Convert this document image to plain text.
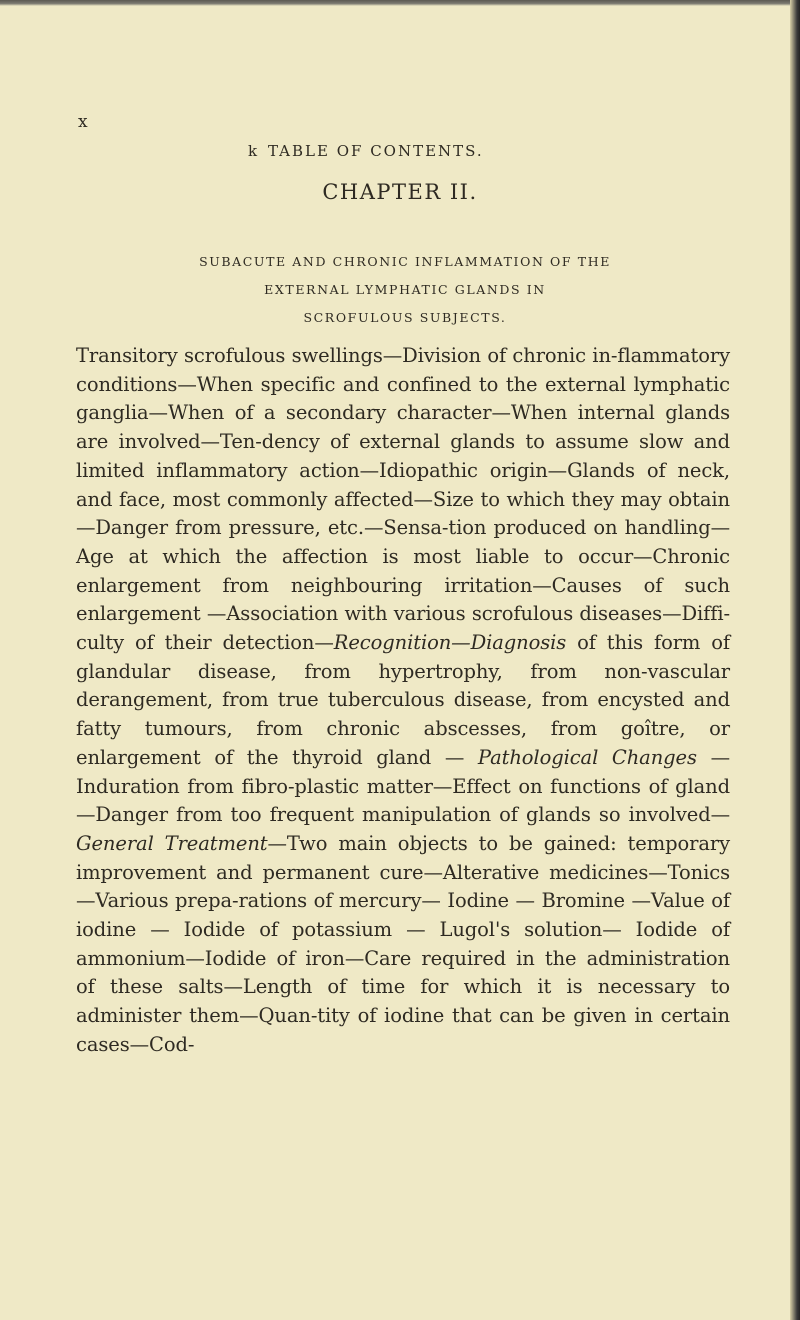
x
k TABLE OF CONTENTS.
CHAPTER II.
SUBACUTE AND CHRONIC INFLAMMATION OF THE
EXTERNAL LYMPHATIC GLANDS IN
SCROFULOUS SUBJECTS.
Transitory scrofulous swellings—Division of chronic in-flammatory conditions—When specific and confined to the external lymphatic ganglia—When of a secondary character—When internal glands are involved—Ten-dency of external glands to assume slow and limited inflammatory action—Idiopathic origin—Glands of neck, and face, most commonly affected—Size to which they may obtain—Danger from pressure, etc.—Sensa-tion produced on handling—Age at which the affection is most liable to occur—Chronic enlargement from neighbouring irritation—Causes of such enlargement —Association with various scrofulous diseases—Diffi-culty of their detection—Recognition—Diagnosis of this form of glandular disease, from hypertrophy, from non-vascular derangement, from true tuberculous disease, from encysted and fatty tumours, from chronic abscesses, from goître, or enlargement of the thyroid gland — Pathological Changes — Induration from fibro-plastic matter—Effect on functions of gland —Danger from too frequent manipulation of glands so involved—General Treatment—Two main objects to be gained: temporary improvement and permanent cure—Alterative medicines—Tonics—Various prepa-rations of mercury— Iodine — Bromine —Value of iodine — Iodide of potassium — Lugol's solution— Iodide of ammonium—Iodide of iron—Care required in the administration of these salts—Length of time for which it is necessary to administer them—Quan-tity of iodine that can be given in certain cases—Cod-
